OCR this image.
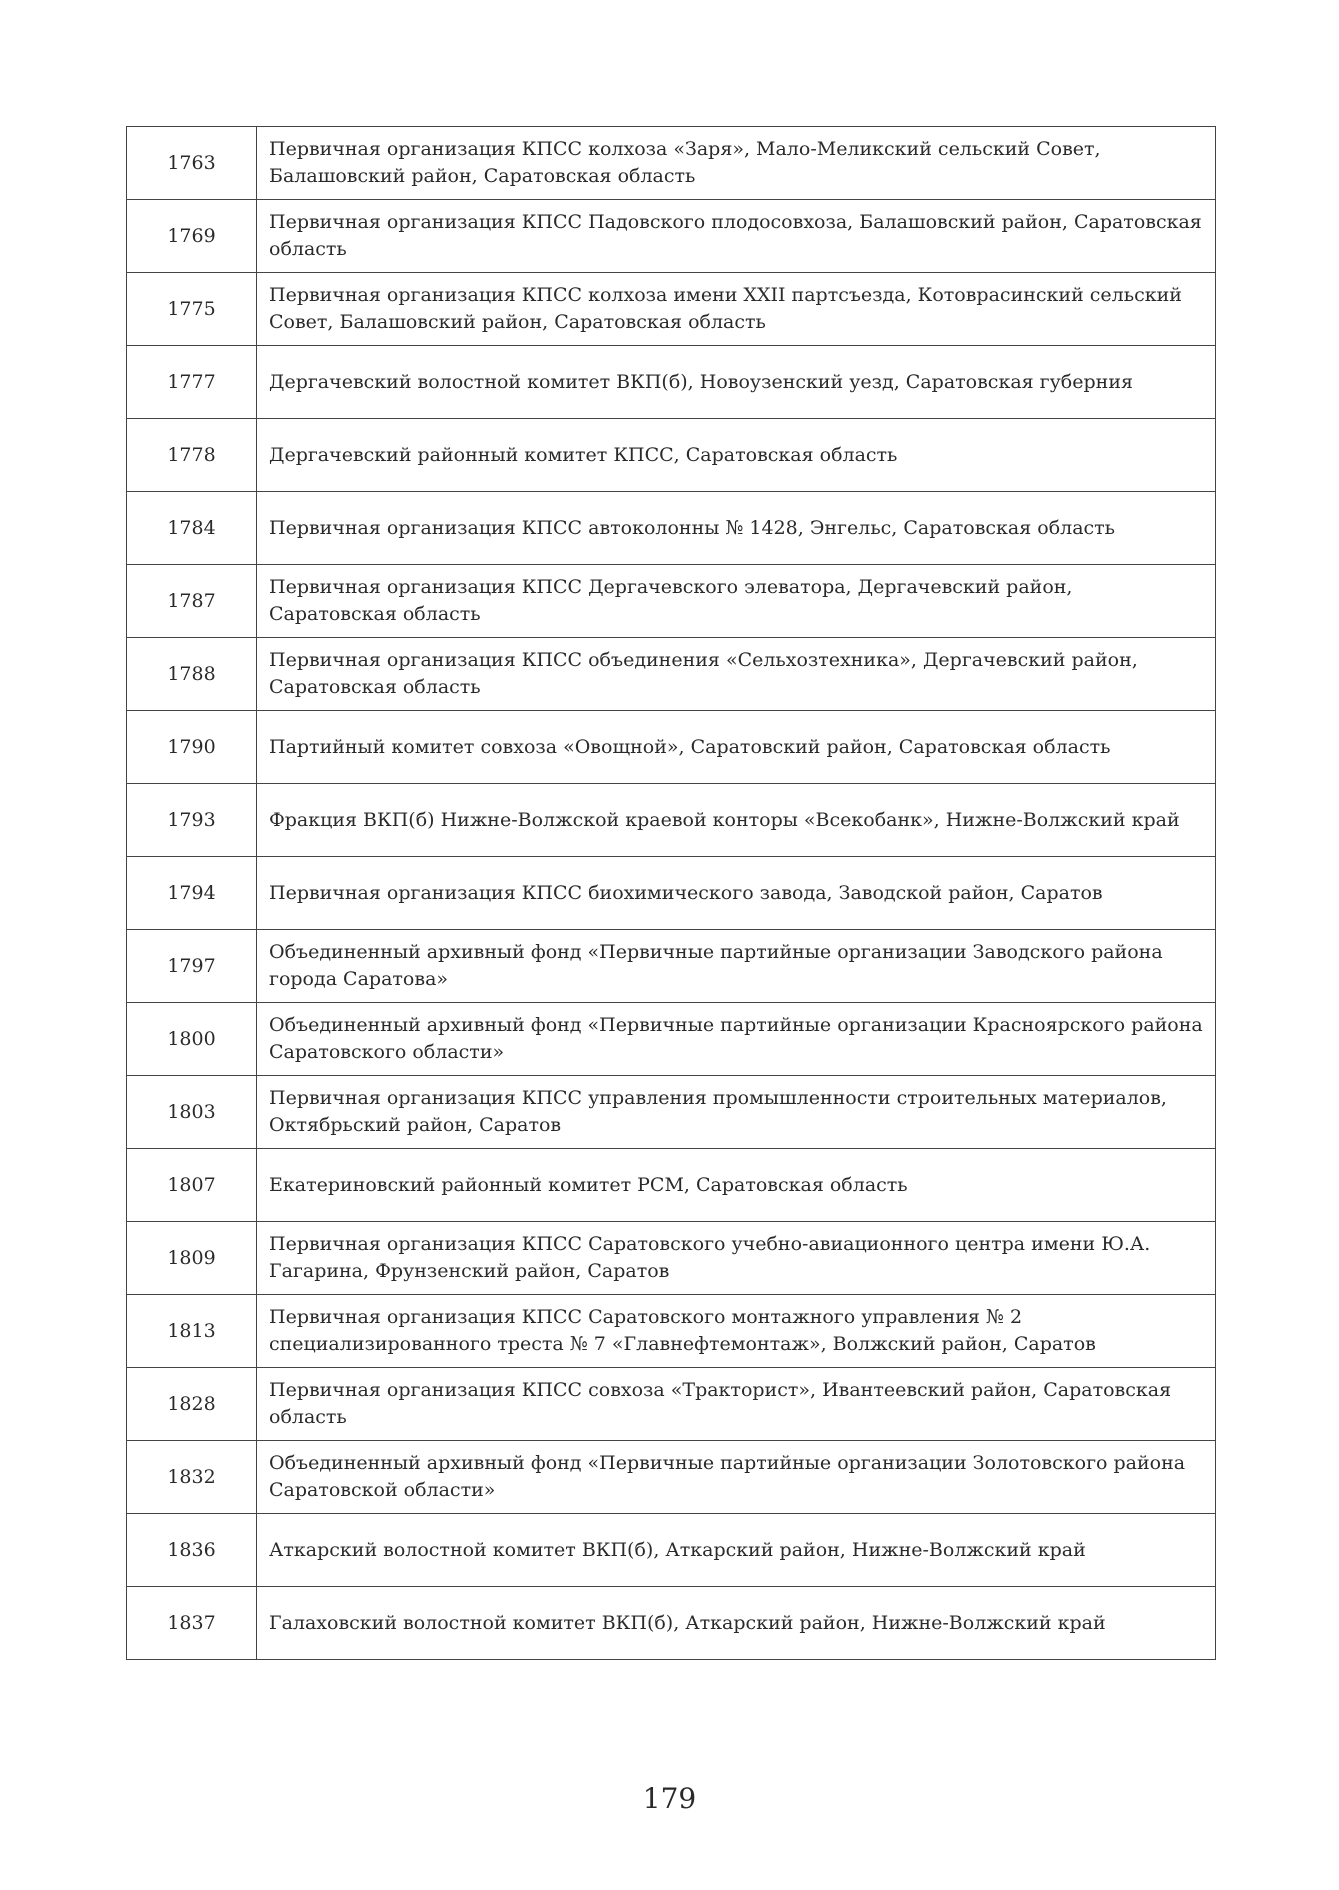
1763	Первичная организация КПСС колхоза «Заря», Мало-Меликский сельский Совет, Балашовский район, Саратовская область
1769	Первичная организация КПСС Падовского плодосовхоза, Балашовский район, Саратовская область
1775	Первичная организация КПСС колхоза имени XXII партсъезда, Котоврасинский сельский Совет, Балашовский район, Саратовская область
1777	Дергачевский волостной комитет ВКП(б), Новоузенский уезд, Саратовская губерния
1778	Дергачевский районный комитет КПСС, Саратовская область
1784	Первичная организация КПСС автоколонны № 1428, Энгельс, Саратовская область
1787	Первичная организация КПСС Дергачевского элеватора, Дергачевский район, Саратовская область
1788	Первичная организация КПСС объединения «Сельхозтехника», Дергачевский район, Саратовская область
1790	Партийный комитет совхоза «Овощной», Саратовский район, Саратовская область
1793	Фракция ВКП(б) Нижне-Волжской краевой конторы «Всекобанк», Нижне-Волжский край
1794	Первичная организация КПСС биохимического завода, Заводской район, Саратов
1797	Объединенный архивный фонд «Первичные партийные организации Заводского района города Саратова»
1800	Объединенный архивный фонд «Первичные партийные организации Красноярского района Саратовского области»
1803	Первичная организация КПСС управления промышленности строительных материалов, Октябрьский район, Саратов
1807	Екатериновский районный комитет РСМ, Саратовская область
1809	Первичная организация КПСС Саратовского учебно-авиационного центра имени Ю.А. Гагарина, Фрунзенский район, Саратов
1813	Первичная организация КПСС Саратовского монтажного управления № 2 специализированного треста № 7 «Главнефтемонтаж», Волжский район, Саратов
1828	Первичная организация КПСС совхоза «Тракторист», Ивантеевский район, Саратовская область
1832	Объединенный архивный фонд «Первичные партийные организации Золотовского района Саратовской области»
1836	Аткарский волостной комитет ВКП(б), Аткарский район, Нижне-Волжский край
1837	Галаховский волостной комитет ВКП(б), Аткарский район, Нижне-Волжский край
179
